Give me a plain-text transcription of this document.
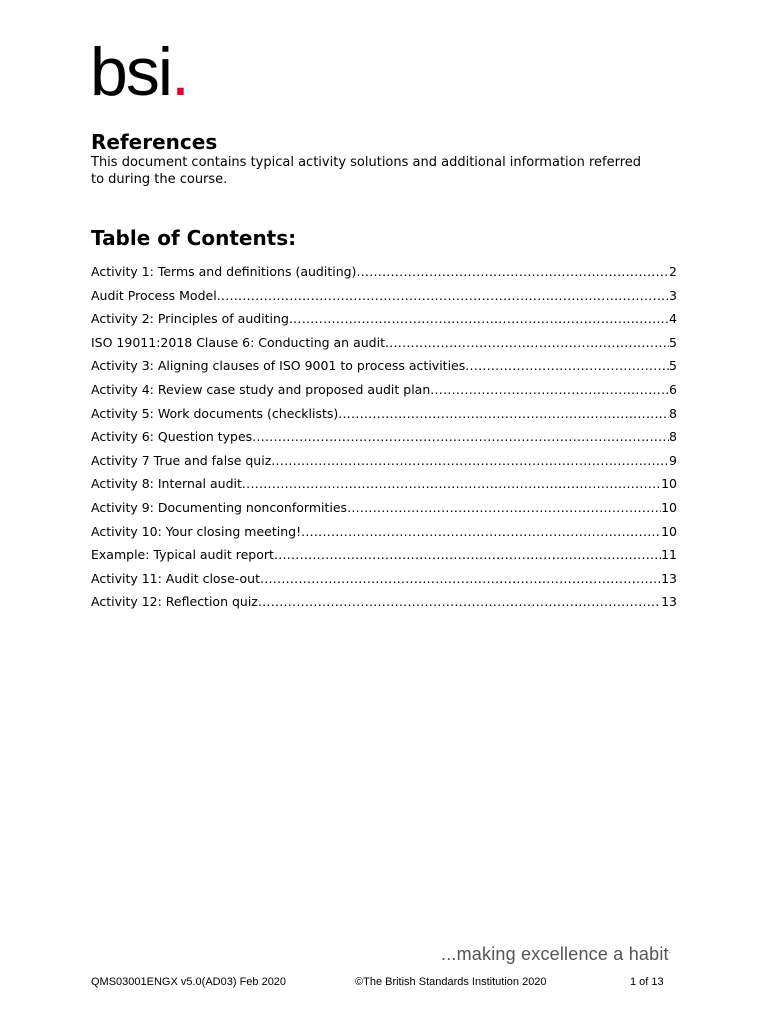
bsi.
References

This document contains typical activity solutions and additional information referred to during the course.

Table of Contents:
Activity 1: Terms and definitions (auditing) .....	2
Audit Process Model .....	3
Activity 2: Principles of auditing .....	4
ISO 19011:2018 Clause 6: Conducting an audit .....	5
Activity 3: Aligning clauses of ISO 9001 to process activities .....	5
Activity 4: Review case study and proposed audit plan .....	6
Activity 5: Work documents (checklists) .....	8
Activity 6: Question types .....	8
Activity 7 True and false quiz .....	9
Activity 8: Internal audit .....	10
Activity 9: Documenting nonconformities .....	10
Activity 10: Your closing meeting! .....	10
Example: Typical audit report .....	11
Activity 11: Audit close-out .....	13
Activity 12: Reflection quiz .....	13
...making excellence a habit.
QMS03001ENGX v5.0(AD03) Feb 2020	©The British Standards Institution 2020	1 of 13
